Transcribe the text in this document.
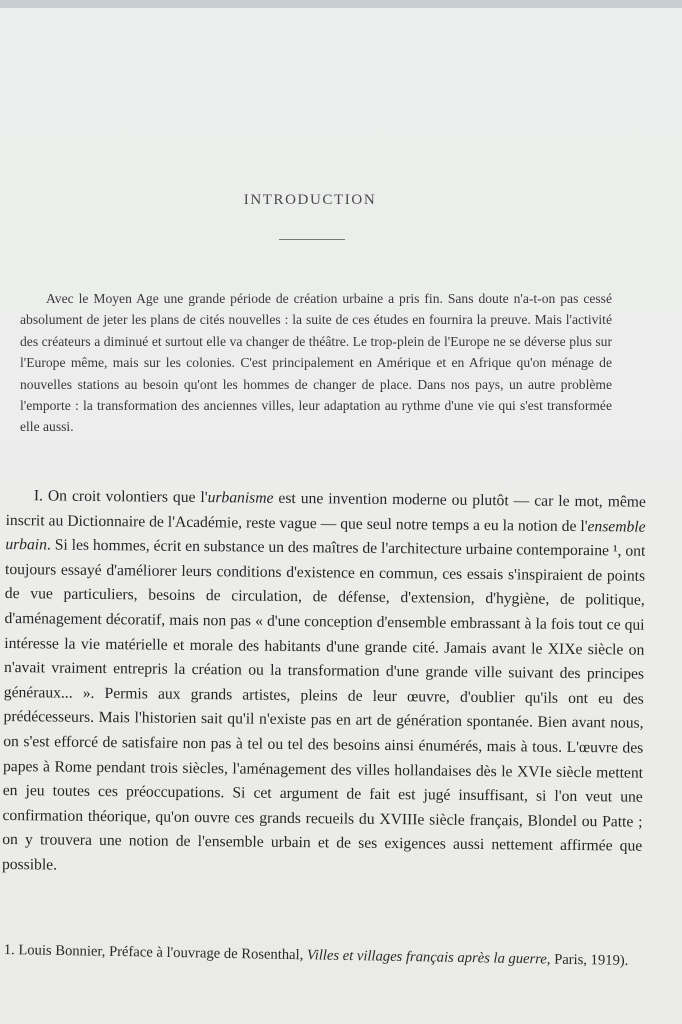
INTRODUCTION

Avec le Moyen Age une grande période de création urbaine a pris fin. Sans doute n'a-t-on pas cessé absolument de jeter les plans de cités nouvelles : la suite de ces études en fournira la preuve. Mais l'activité des créateurs a diminué et surtout elle va changer de théâtre. Le trop-plein de l'Europe ne se déverse plus sur l'Europe même, mais sur les colonies. C'est principalement en Amérique et en Afrique qu'on ménage de nouvelles stations au besoin qu'ont les hommes de changer de place. Dans nos pays, un autre problème l'emporte : la transformation des anciennes villes, leur adaptation au rythme d'une vie qui s'est transformée elle aussi.

I. On croit volontiers que l'urbanisme est une invention moderne ou plutôt — car le mot, même inscrit au Dictionnaire de l'Académie, reste vague — que seul notre temps a eu la notion de l'ensemble urbain. Si les hommes, écrit en substance un des maîtres de l'architecture urbaine contemporaine ¹, ont toujours essayé d'améliorer leurs conditions d'existence en commun, ces essais s'inspiraient de points de vue particuliers, besoins de circulation, de défense, d'extension, d'hygiène, de politique, d'aménagement décoratif, mais non pas « d'une conception d'ensemble embrassant à la fois tout ce qui intéresse la vie matérielle et morale des habitants d'une grande cité. Jamais avant le XIXe siècle on n'avait vraiment entrepris la création ou la transformation d'une grande ville suivant des principes généraux... ». Permis aux grands artistes, pleins de leur œuvre, d'oublier qu'ils ont eu des prédécesseurs. Mais l'historien sait qu'il n'existe pas en art de génération spontanée. Bien avant nous, on s'est efforcé de satisfaire non pas à tel ou tel des besoins ainsi énumérés, mais à tous. L'œuvre des papes à Rome pendant trois siècles, l'aménagement des villes hollandaises dès le XVIe siècle mettent en jeu toutes ces préoccupations. Si cet argument de fait est jugé insuffisant, si l'on veut une confirmation théorique, qu'on ouvre ces grands recueils du XVIIIe siècle français, Blondel ou Patte ; on y trouvera une notion de l'ensemble urbain et de ses exigences aussi nettement affirmée que possible.

1. Louis Bonnier, Préface à l'ouvrage de Rosenthal, Villes et villages français après la guerre, Paris, 1919).
